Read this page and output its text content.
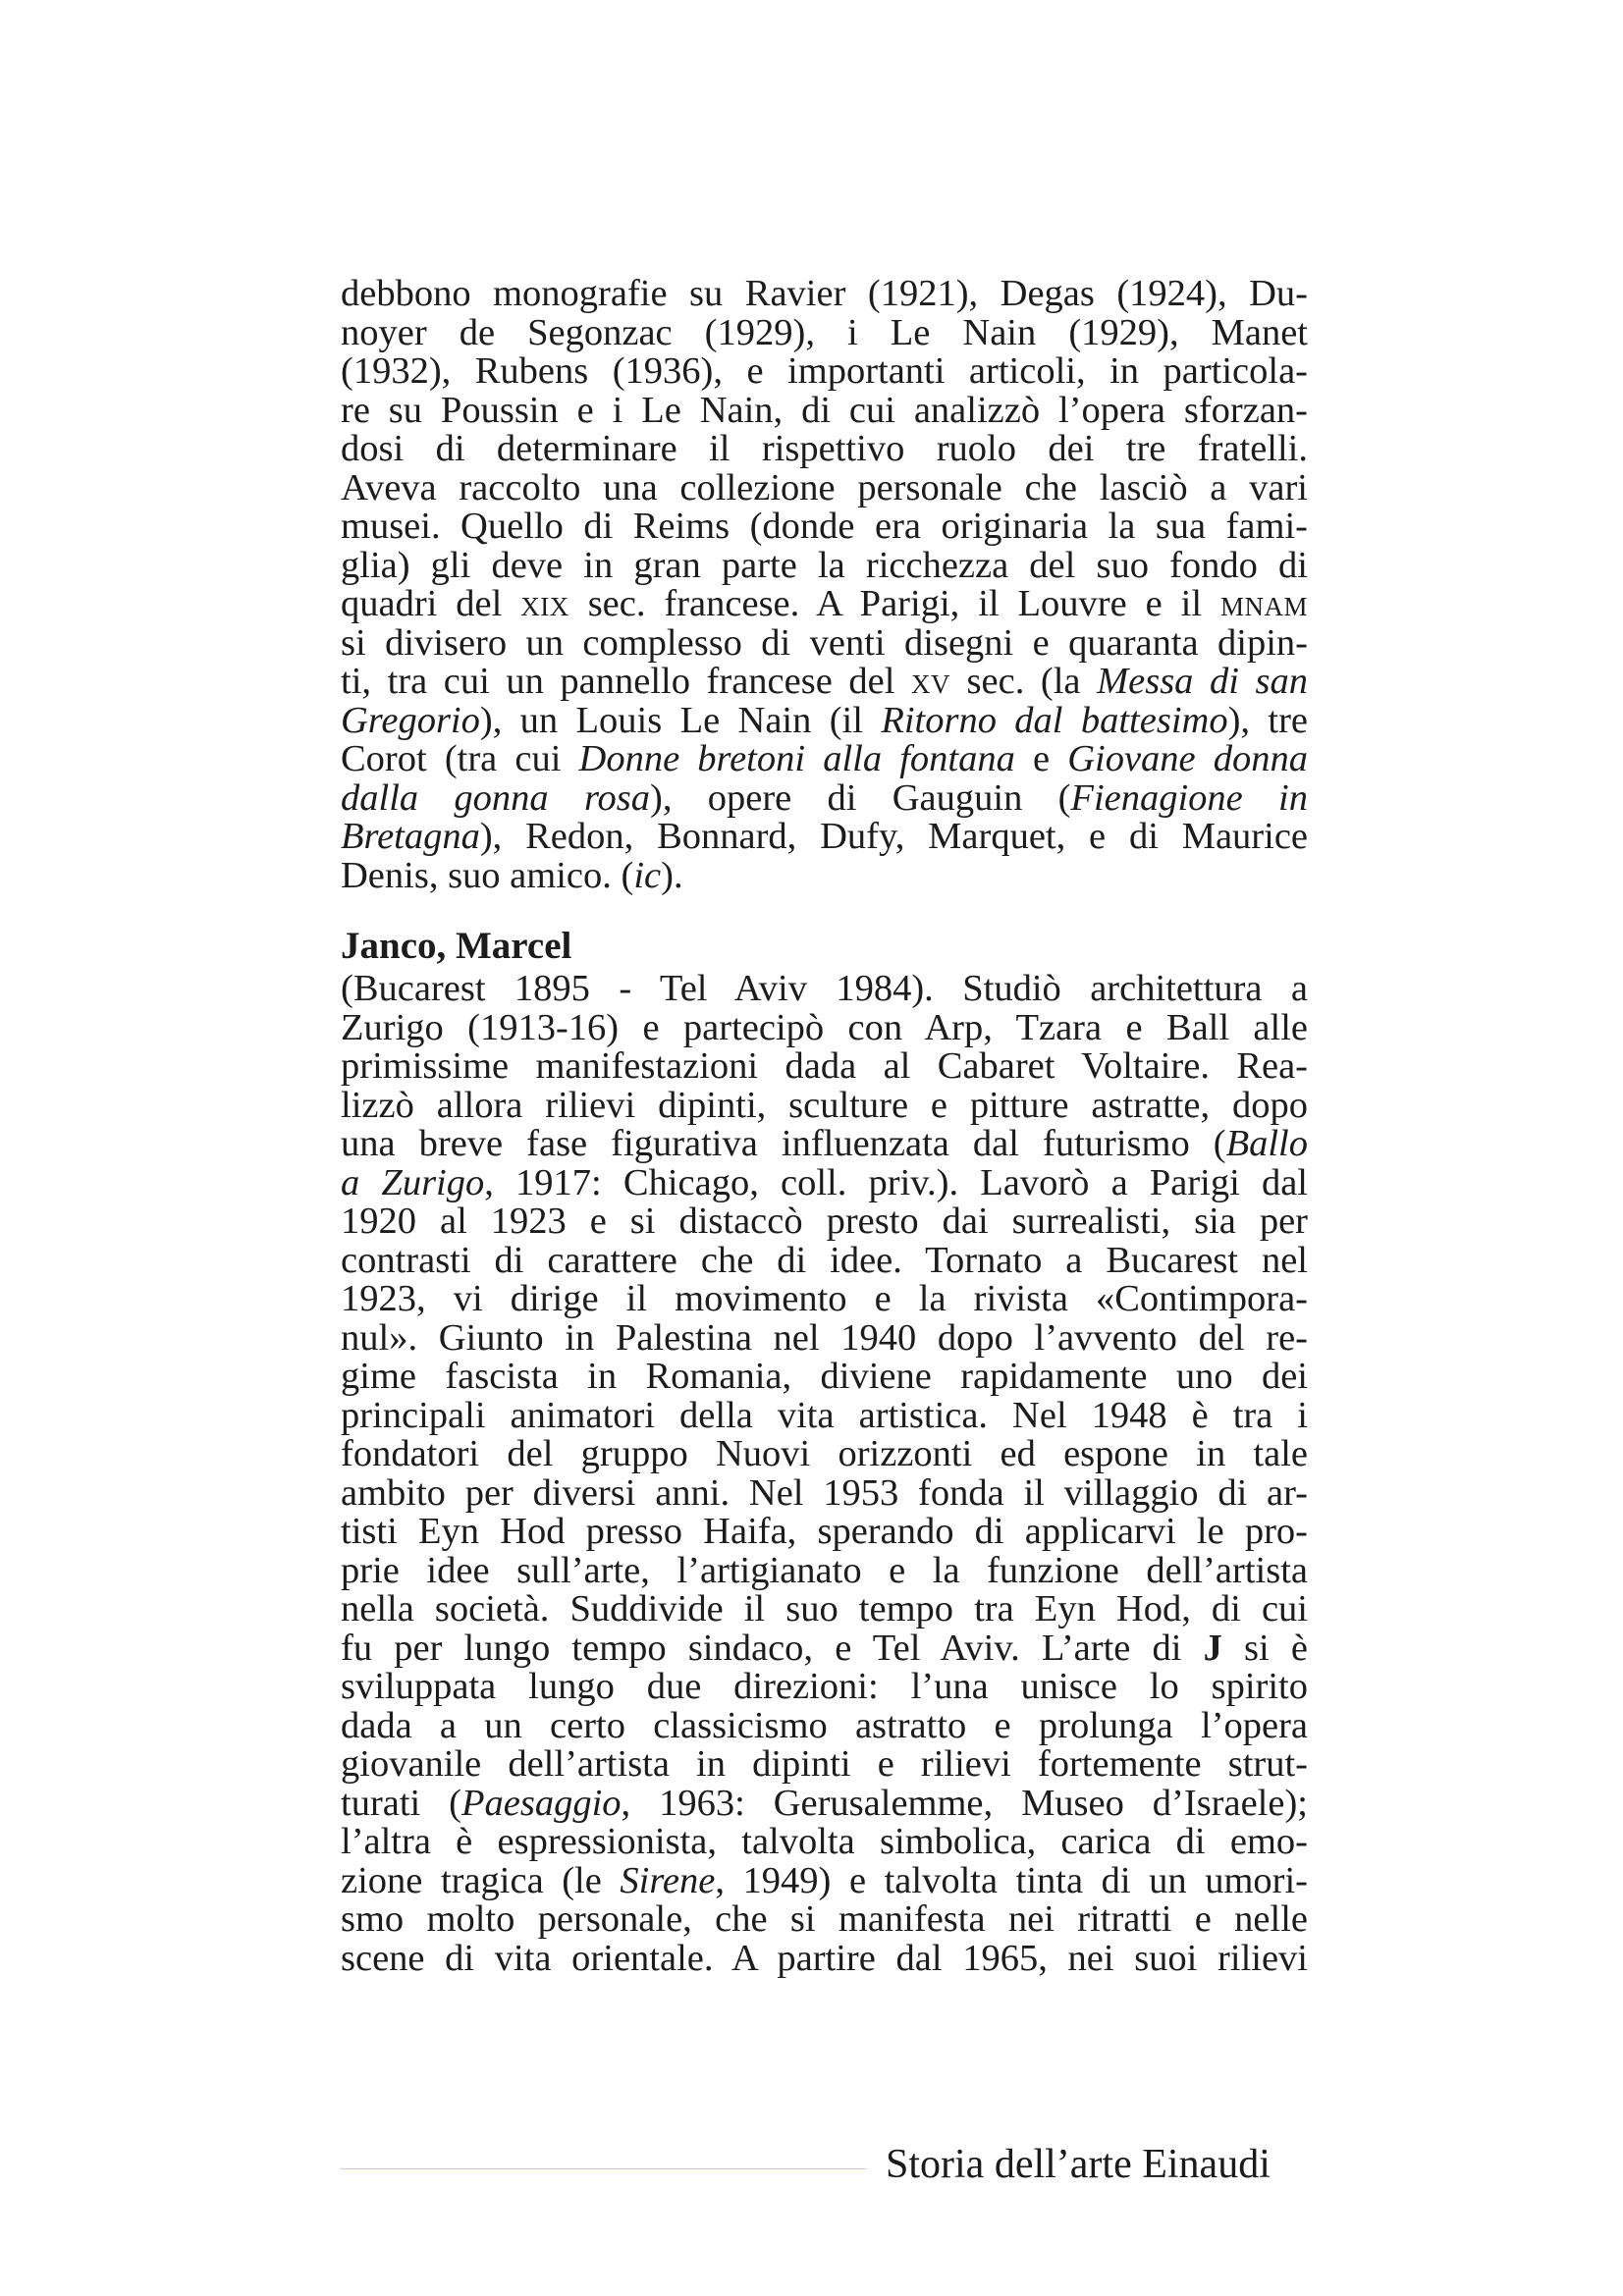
debbono monografie su Ravier (1921), Degas (1924), Du-
noyer de Segonzac (1929), i Le Nain (1929), Manet
(1932), Rubens (1936), e importanti articoli, in particola-
re su Poussin e i Le Nain, di cui analizzò l’opera sforzan-
dosi di determinare il rispettivo ruolo dei tre fratelli.
Aveva raccolto una collezione personale che lasciò a vari
musei. Quello di Reims (donde era originaria la sua fami-
glia) gli deve in gran parte la ricchezza del suo fondo di
quadri del xix sec. francese. A Parigi, il Louvre e il mnam
si divisero un complesso di venti disegni e quaranta dipin-
ti, tra cui un pannello francese del xv sec. (la Messa di san
Gregorio), un Louis Le Nain (il Ritorno dal battesimo), tre
Corot (tra cui Donne bretoni alla fontana e Giovane donna
dalla gonna rosa), opere di Gauguin (Fienagione in
Bretagna), Redon, Bonnard, Dufy, Marquet, e di Maurice
Denis, suo amico. (ic).

Janco, Marcel

(Bucarest 1895 - Tel Aviv 1984). Studiò architettura a
Zurigo (1913-16) e partecipò con Arp, Tzara e Ball alle
primissime manifestazioni dada al Cabaret Voltaire. Rea-
lizzò allora rilievi dipinti, sculture e pitture astratte, dopo
una breve fase figurativa influenzata dal futurismo (Ballo
a Zurigo, 1917: Chicago, coll. priv.). Lavorò a Parigi dal
1920 al 1923 e si distaccò presto dai surrealisti, sia per
contrasti di carattere che di idee. Tornato a Bucarest nel
1923, vi dirige il movimento e la rivista «Contimpora-
nul». Giunto in Palestina nel 1940 dopo l’avvento del re-
gime fascista in Romania, diviene rapidamente uno dei
principali animatori della vita artistica. Nel 1948 è tra i
fondatori del gruppo Nuovi orizzonti ed espone in tale
ambito per diversi anni. Nel 1953 fonda il villaggio di ar-
tisti Eyn Hod presso Haifa, sperando di applicarvi le pro-
prie idee sull’arte, l’artigianato e la funzione dell’artista
nella società. Suddivide il suo tempo tra Eyn Hod, di cui
fu per lungo tempo sindaco, e Tel Aviv. L’arte di J si è
sviluppata lungo due direzioni: l’una unisce lo spirito
dada a un certo classicismo astratto e prolunga l’opera
giovanile dell’artista in dipinti e rilievi fortemente strut-
turati (Paesaggio, 1963: Gerusalemme, Museo d’Israele);
l’altra è espressionista, talvolta simbolica, carica di emo-
zione tragica (le Sirene, 1949) e talvolta tinta di un umori-
smo molto personale, che si manifesta nei ritratti e nelle
scene di vita orientale. A partire dal 1965, nei suoi rilievi

Storia dell’arte Einaudi
